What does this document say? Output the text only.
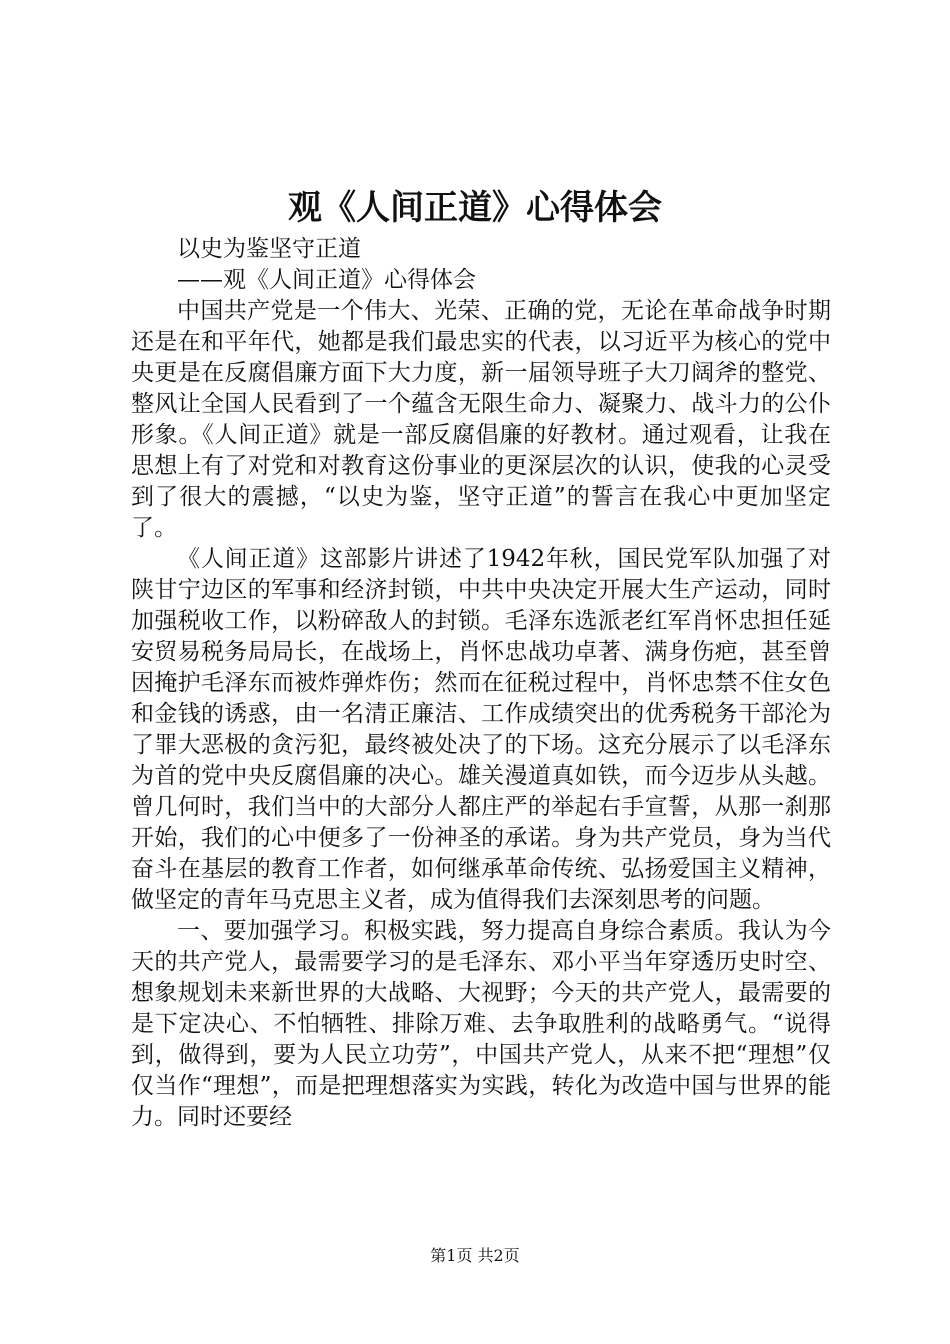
观《人间正道》心得体会

以史为鉴坚守正道

——观《人间正道》心得体会

中国共产党是一个伟大、光荣、正确的党，无论在革命战争时期还是在和平年代，她都是我们最忠实的代表，以习近平为核心的党中央更是在反腐倡廉方面下大力度，新一届领导班子大刀阔斧的整党、整风让全国人民看到了一个蕴含无限生命力、凝聚力、战斗力的公仆形象。《人间正道》就是一部反腐倡廉的好教材。通过观看，让我在思想上有了对党和对教育这份事业的更深层次的认识，使我的心灵受到了很大的震撼，“以史为鉴，坚守正道”的誓言在我心中更加坚定了。

《人间正道》这部影片讲述了1942年秋，国民党军队加强了对陕甘宁边区的军事和经济封锁，中共中央决定开展大生产运动，同时加强税收工作，以粉碎敌人的封锁。毛泽东选派老红军肖怀忠担任延安贸易税务局局长，在战场上，肖怀忠战功卓著、满身伤疤，甚至曾因掩护毛泽东而被炸弹炸伤；然而在征税过程中，肖怀忠禁不住女色和金钱的诱惑，由一名清正廉洁、工作成绩突出的优秀税务干部沦为了罪大恶极的贪污犯，最终被处决了的下场。这充分展示了以毛泽东为首的党中央反腐倡廉的决心。雄关漫道真如铁，而今迈步从头越。曾几何时，我们当中的大部分人都庄严的举起右手宣誓，从那一刹那开始，我们的心中便多了一份神圣的承诺。身为共产党员，身为当代奋斗在基层的教育工作者，如何继承革命传统、弘扬爱国主义精神，做坚定的青年马克思主义者，成为值得我们去深刻思考的问题。

一、要加强学习。积极实践，努力提高自身综合素质。我认为今天的共产党人，最需要学习的是毛泽东、邓小平当年穿透历史时空、想象规划未来新世界的大战略、大视野；今天的共产党人，最需要的是下定决心、不怕牺牲、排除万难、去争取胜利的战略勇气。“说得到，做得到，要为人民立功劳”，中国共产党人，从来不把“理想”仅仅当作“理想”，而是把理想落实为实践，转化为改造中国与世界的能力。同时还要经

第1页 共2页
